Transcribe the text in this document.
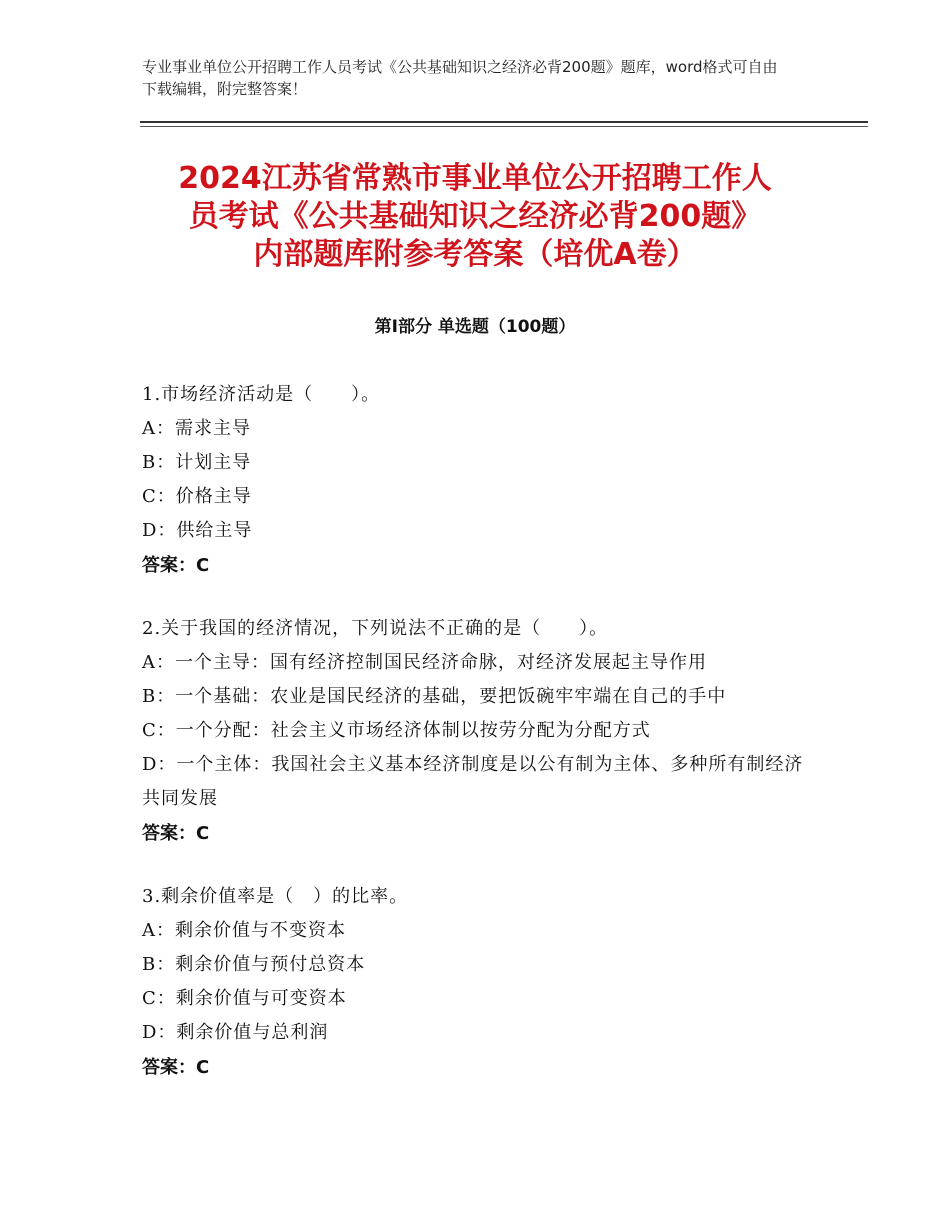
专业事业单位公开招聘工作人员考试《公共基础知识之经济必背200题》题库，word格式可自由下载编辑，附完整答案！
2024江苏省常熟市事业单位公开招聘工作人
员考试《公共基础知识之经济必背200题》
内部题库附参考答案（培优A卷）
第Ⅰ部分 单选题（100题）
1.市场经济活动是（　　）。
A：需求主导
B：计划主导
C：价格主导
D：供给主导
答案：C
2.关于我国的经济情况，下列说法不正确的是（　　）。
A：一个主导：国有经济控制国民经济命脉，对经济发展起主导作用
B：一个基础：农业是国民经济的基础，要把饭碗牢牢端在自己的手中
C：一个分配：社会主义市场经济体制以按劳分配为分配方式
D：一个主体：我国社会主义基本经济制度是以公有制为主体、多种所有制经济共同发展
答案：C
3.剩余价值率是（　）的比率。
A：剩余价值与不变资本
B：剩余价值与预付总资本
C：剩余价值与可变资本
D：剩余价值与总利润
答案：C
